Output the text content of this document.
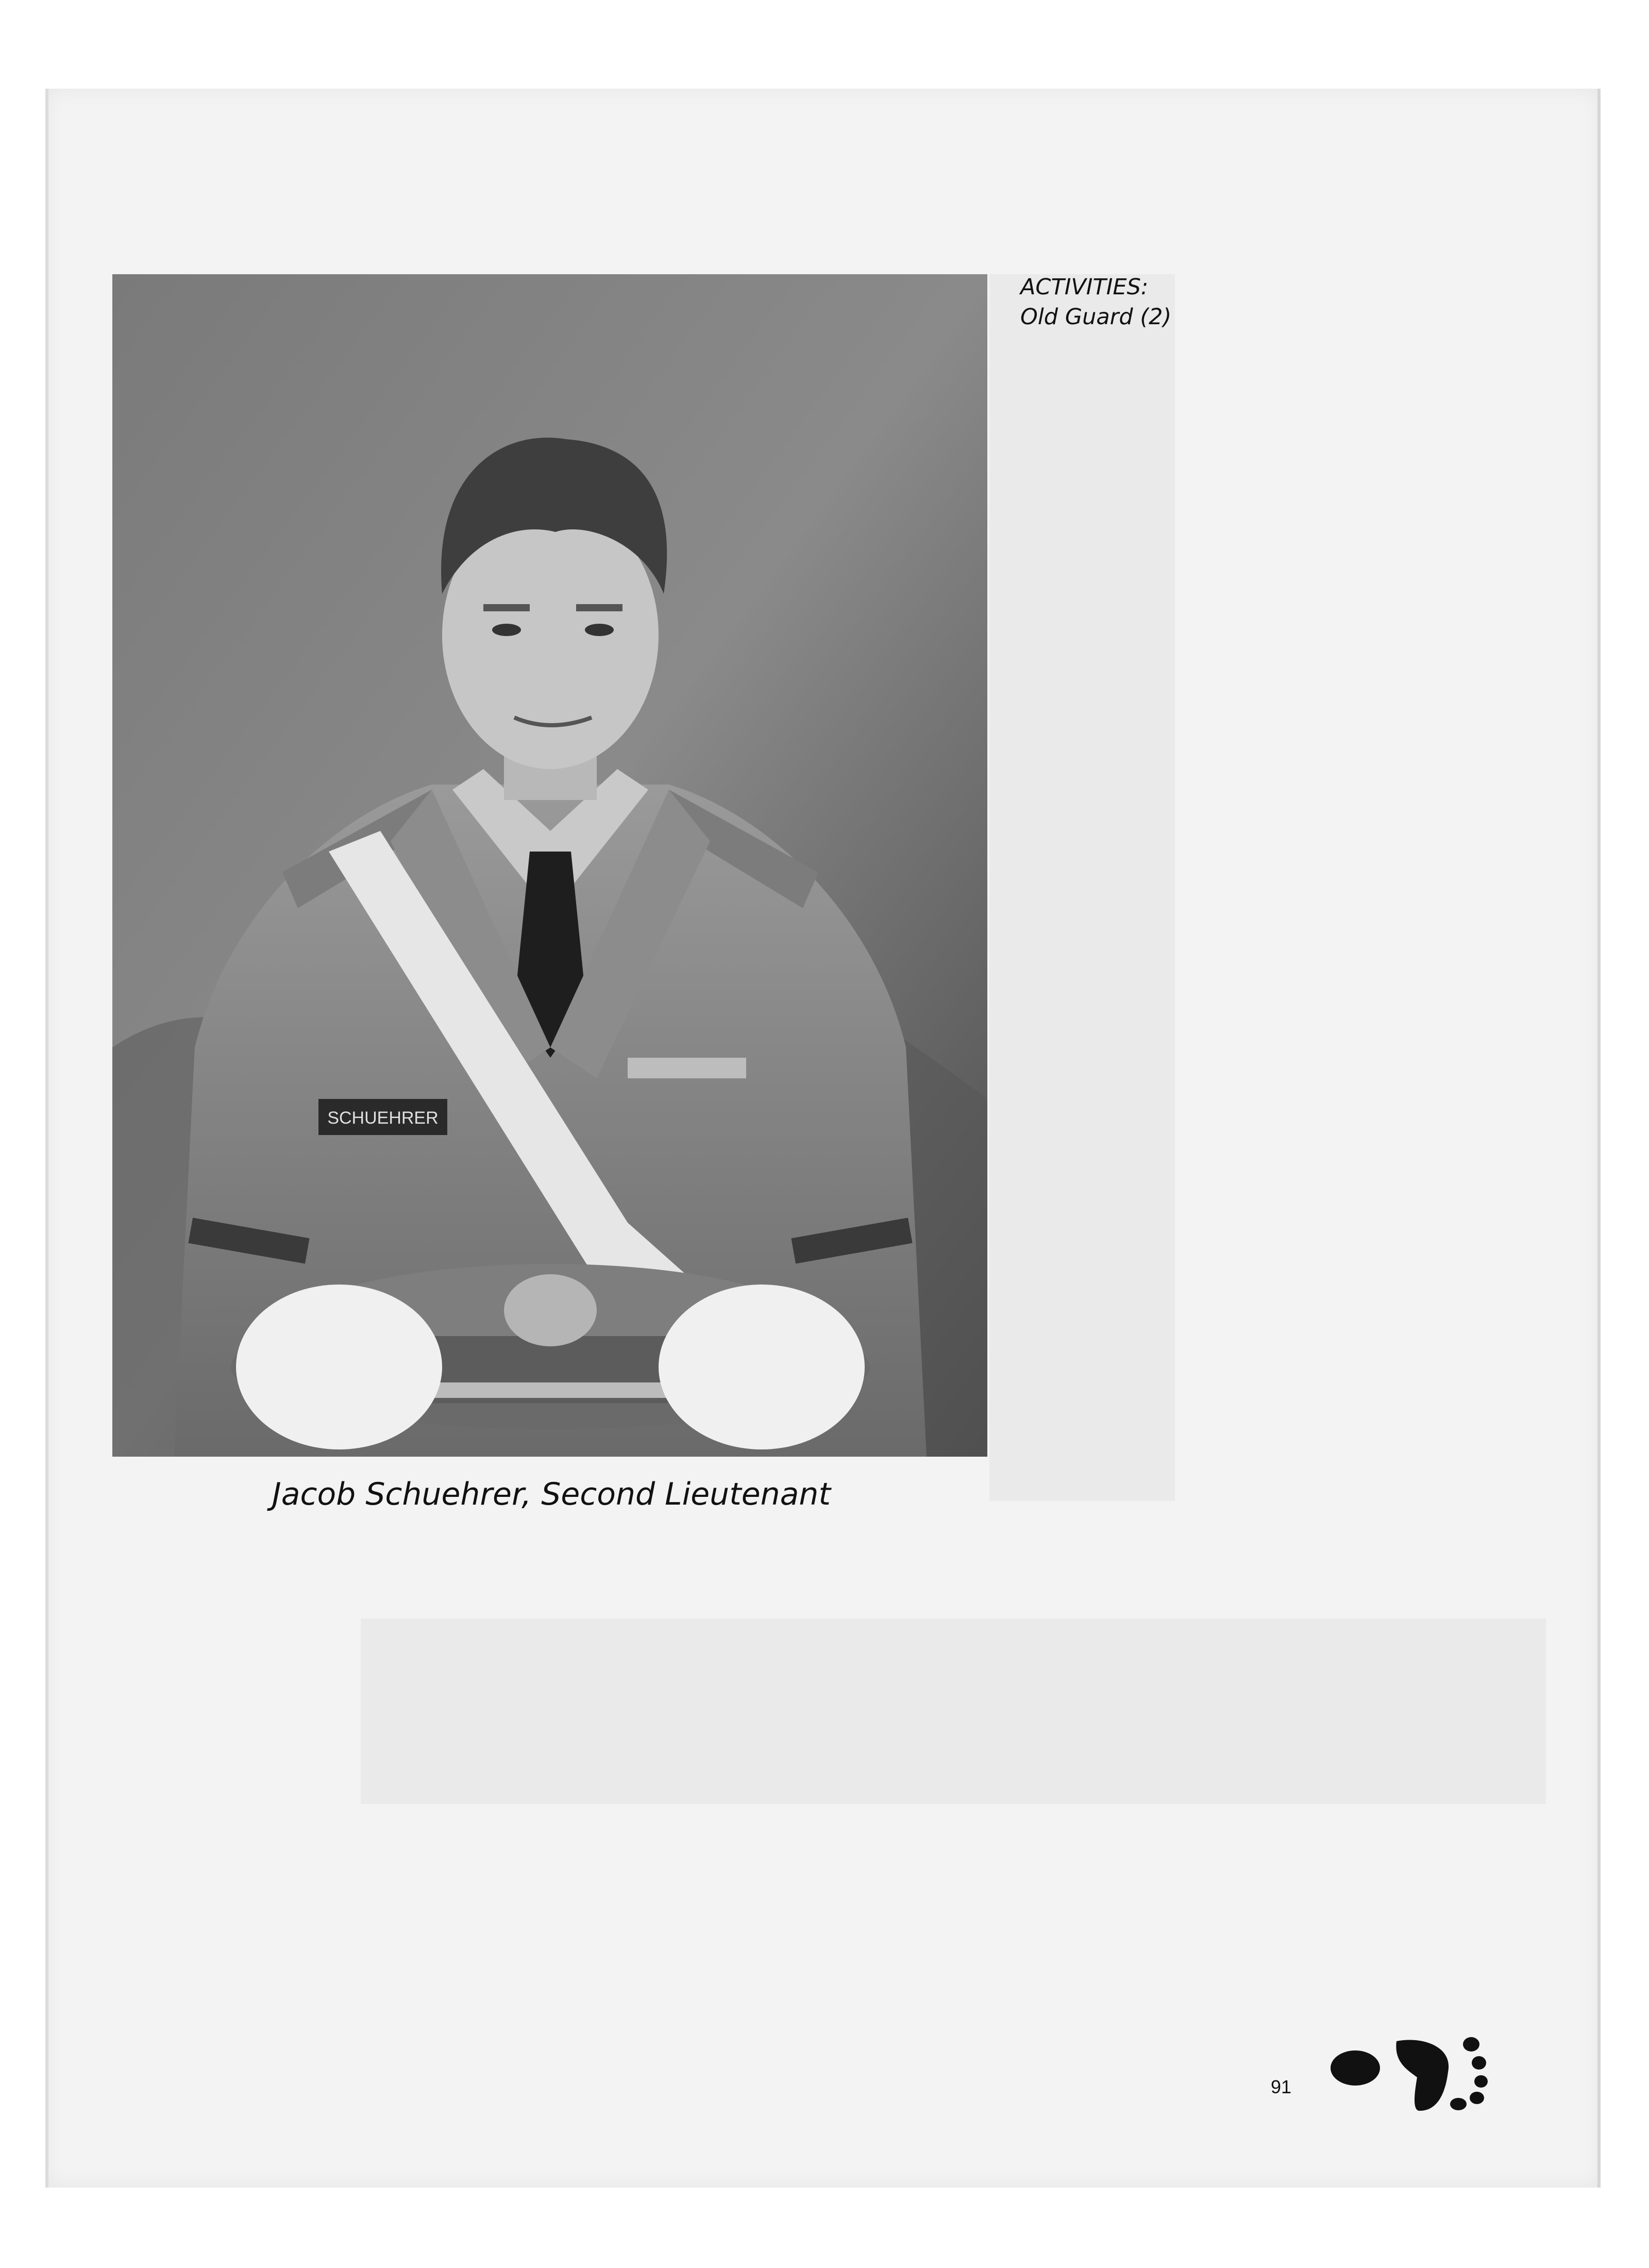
SCHUEHRER
ACTIVITIES:
Old Guard (2)
Jacob Schuehrer, Second Lieutenant
91
